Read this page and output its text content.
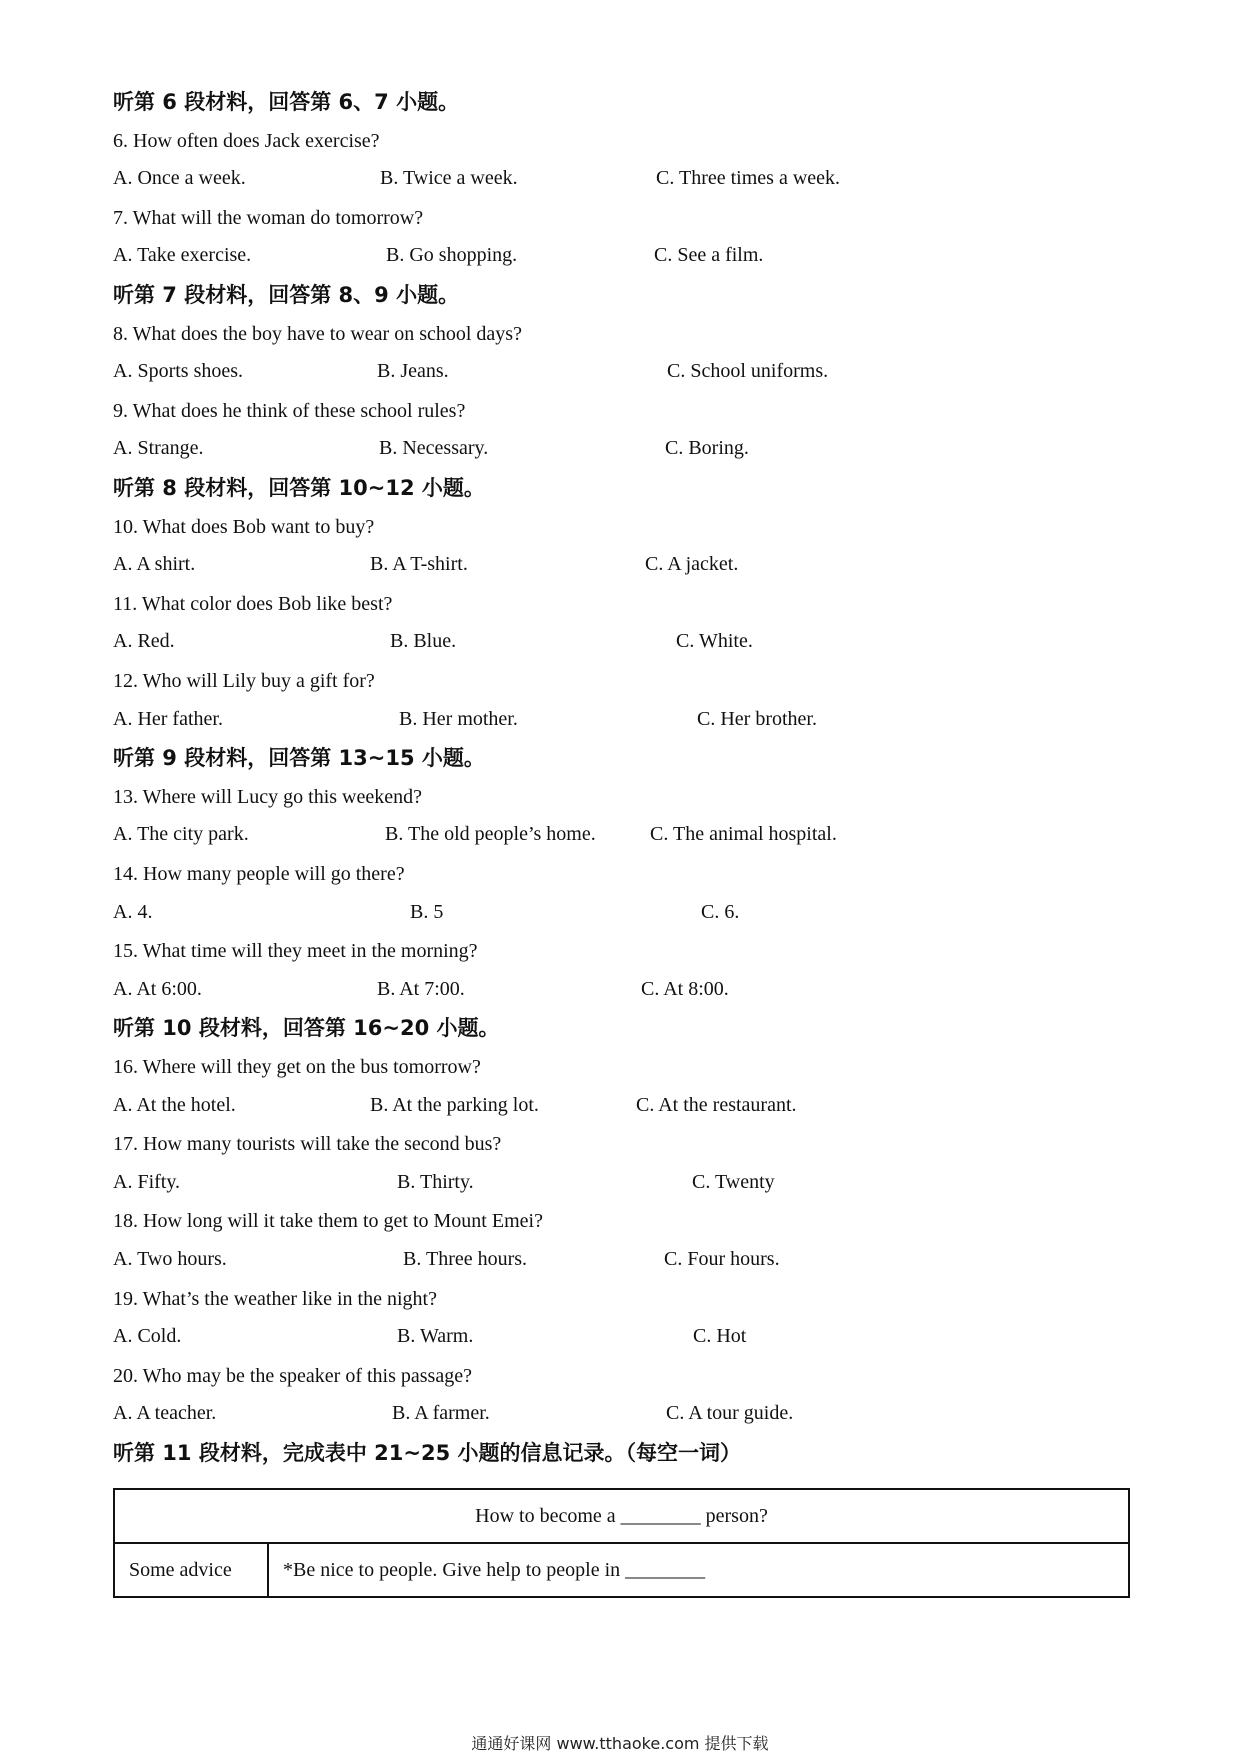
听第 6 段材料，回答第 6、7 小题。
6. How often does Jack exercise?
A. Once a week.	B. Twice a week.	C. Three times a week.
7. What will the woman do tomorrow?
A. Take exercise.	B. Go shopping.	C. See a film.
听第 7 段材料，回答第 8、9 小题。
8. What does the boy have to wear on school days?
A. Sports shoes.	B. Jeans.	C. School uniforms.
9. What does he think of these school rules?
A. Strange.	B. Necessary.	C. Boring.
听第 8 段材料，回答第 10~12 小题。
10. What does Bob want to buy?
A. A shirt.	B. A T-shirt.	C. A jacket.
11. What color does Bob like best?
A. Red.	B. Blue.	C. White.
12. Who will Lily buy a gift for?
A. Her father.	B. Her mother.	C. Her brother.
听第 9 段材料，回答第 13~15 小题。
13. Where will Lucy go this weekend?
A. The city park.	B. The old people’s home.	C. The animal hospital.
14. How many people will go there?
A. 4.	B. 5	C. 6.
15. What time will they meet in the morning?
A. At 6:00.	B. At 7:00.	C. At 8:00.
听第 10 段材料，回答第 16~20 小题。
16. Where will they get on the bus tomorrow?
A. At the hotel.	B. At the parking lot.	C. At the restaurant.
17. How many tourists will take the second bus?
A. Fifty.	B. Thirty.	C. Twenty
18. How long will it take them to get to Mount Emei?
A. Two hours.	B. Three hours.	C. Four hours.
19. What’s the weather like in the night?
A. Cold.	B. Warm.	C. Hot
20. Who may be the speaker of this passage?
A. A teacher.	B. A farmer.	C. A tour guide.
听第 11 段材料，完成表中 21~25 小题的信息记录。（每空一词）
How to become a ________ person?
Some advice	*Be nice to people. Give help to people in ________
通通好课网 www.tthaoke.com 提供下载
